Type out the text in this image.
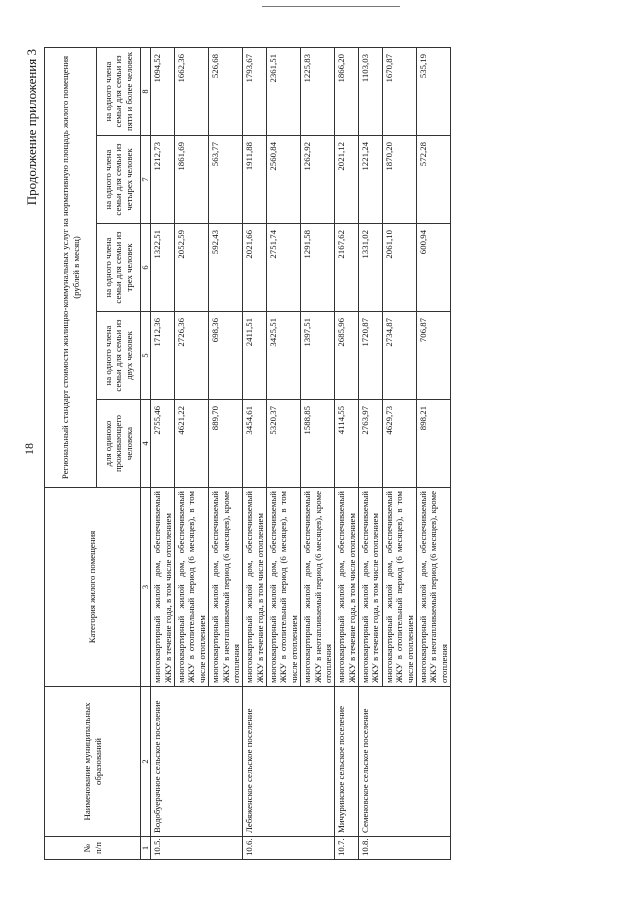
18
Продолжение приложения 3
№ п/п	Наименование муниципальных образований	Категория жилого помещения	Региональный стандарт стоимости жилищно-коммунальных услуг на нормативную площадь жилого помещения (рублей в месяц)				
			для одиноко проживающего человека	на одного члена семьи для семьи из двух человек	на одного члена семьи для семьи из трех человек	на одного члена семьи для семьи из четырех человек	на одного члена семьи для семьи из пяти и более человек
1	2	3	4	5	6	7	8
10.5.	Водобуерачное сельское поселение	многоквартирный жилой дом, обеспечиваемый ЖКУ в течение года, в том числе отоплением	2755,46	1712,36	1322,51	1212,73	1094,52
		многоквартирный жилой дом, обеспечиваемый ЖКУ в отопительный период (6 месяцев), в том числе отоплением	4621,22	2726,36	2052,59	1861,69	1662,36
		многоквартирный жилой дом, обеспечиваемый ЖКУ в неотапливаемый период (6 месяцев), кроме отопления	889,70	698,36	592,43	563,77	526,68
10.6.	Лебяженское сельское поселение	многоквартирный жилой дом, обеспечиваемый ЖКУ в течение года, в том числе отоплением	3454,61	2411,51	2021,66	1911,88	1793,67
		многоквартирный жилой дом, обеспечиваемый ЖКУ в отопительный период (6 месяцев), в том числе отоплением	5320,37	3425,51	2751,74	2560,84	2361,51
		многоквартирный жилой дом, обеспечиваемый ЖКУ в неотапливаемый период (6 месяцев), кроме отопления	1588,85	1397,51	1291,58	1262,92	1225,83
10.7.	Мичуринское сельское поселение	многоквартирный жилой дом, обеспечиваемый ЖКУ в течение года, в том числе отоплением	4114,55	2685,96	2167,62	2021,12	1866,20
10.8.	Семеновское сельское поселение	многоквартирный жилой дом, обеспечиваемый ЖКУ в течение года, в том числе отоплением	2763,97	1720,87	1331,02	1221,24	1103,03
		многоквартирный жилой дом, обеспечиваемый ЖКУ в отопительный период (6 месяцев), в том числе отоплением	4629,73	2734,87	2061,10	1870,20	1670,87
		многоквартирный жилой дом, обеспечиваемый ЖКУ в неотапливаемый период (6 месяцев), кроме отопления	898,21	706,87	600,94	572,28	535,19
